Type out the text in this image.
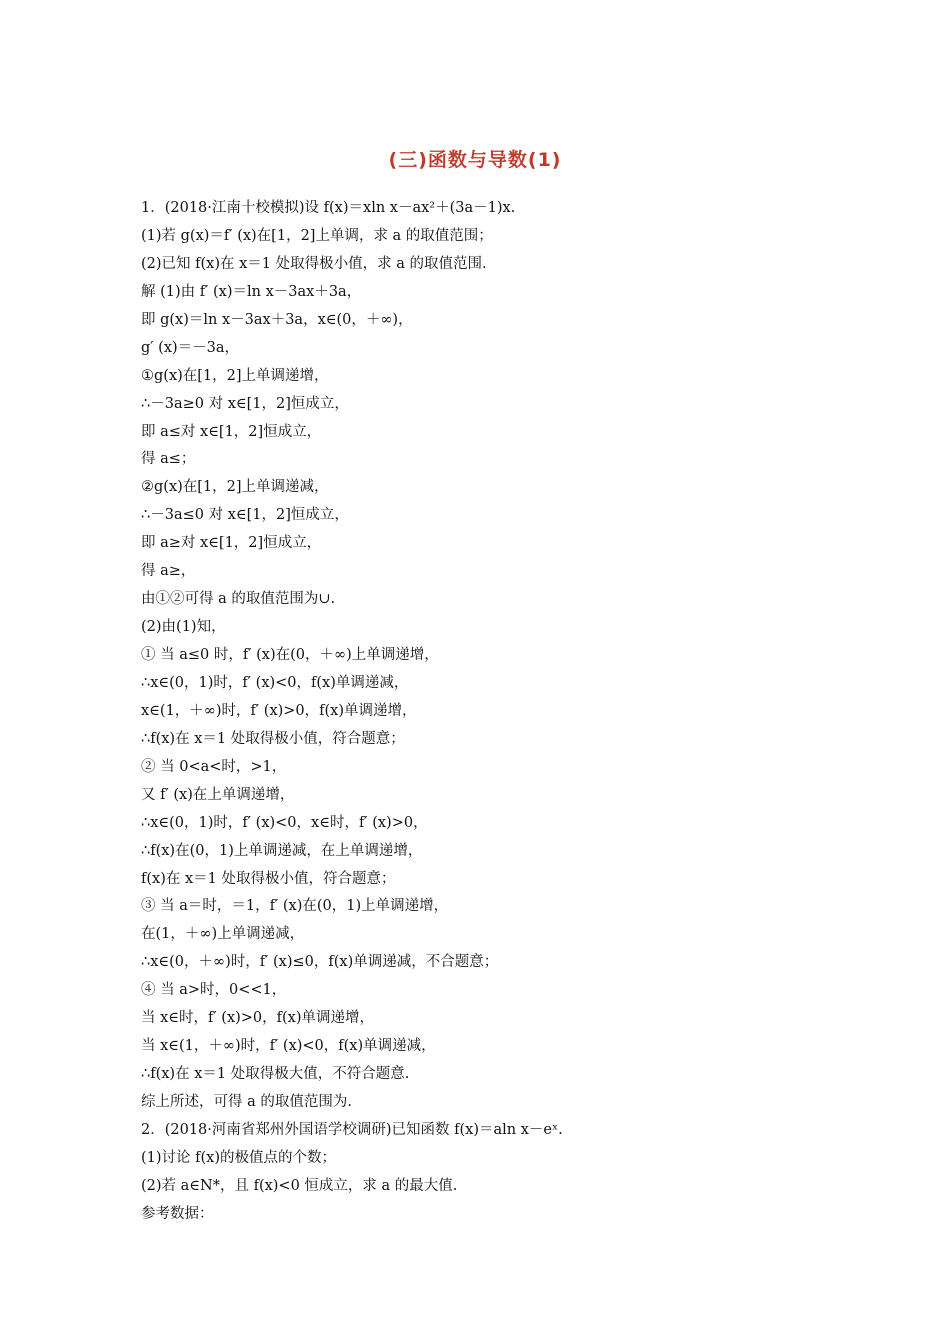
(三)函数与导数(1)
1．(2018·江南十校模拟)设 f(x)＝xln x－ax²＋(3a－1)x.
(1)若 g(x)＝f′ (x)在[1，2]上单调，求 a 的取值范围；
(2)已知 f(x)在 x＝1 处取得极小值，求 a 的取值范围.
解 (1)由 f′ (x)＝ln x－3ax＋3a，
即 g(x)＝ln x－3ax＋3a，x∈(0，＋∞)，
g′ (x)＝－3a，
①g(x)在[1，2]上单调递增，
∴－3a≥0 对 x∈[1，2]恒成立，
即 a≤对 x∈[1，2]恒成立，
得 a≤；
②g(x)在[1，2]上单调递减，
∴－3a≤0 对 x∈[1，2]恒成立，
即 a≥对 x∈[1，2]恒成立，
得 a≥，
由①②可得 a 的取值范围为∪.
(2)由(1)知，
① 当 a≤0 时，f′ (x)在(0，＋∞)上单调递增，
∴x∈(0，1)时，f′ (x)<0，f(x)单调递减，
x∈(1，＋∞)时，f′ (x)>0，f(x)单调递增，
∴f(x)在 x＝1 处取得极小值，符合题意；
② 当 0<a<时，>1，
又 f′ (x)在上单调递增，
∴x∈(0，1)时，f′ (x)<0，x∈时，f′ (x)>0，
∴f(x)在(0，1)上单调递减，在上单调递增，
f(x)在 x＝1 处取得极小值，符合题意；
③ 当 a＝时，＝1，f′ (x)在(0，1)上单调递增，
在(1，＋∞)上单调递减，
∴x∈(0，＋∞)时，f′ (x)≤0，f(x)单调递减，不合题意；
④ 当 a>时，0<<1，
当 x∈时，f′ (x)>0，f(x)单调递增，
当 x∈(1，＋∞)时，f′ (x)<0，f(x)单调递减，
∴f(x)在 x＝1 处取得极大值，不符合题意.
综上所述，可得 a 的取值范围为.
2．(2018·河南省郑州外国语学校调研)已知函数 f(x)＝aln x－eˣ.
(1)讨论 f(x)的极值点的个数；
(2)若 a∈N*，且 f(x)<0 恒成立，求 a 的最大值.
参考数据：
